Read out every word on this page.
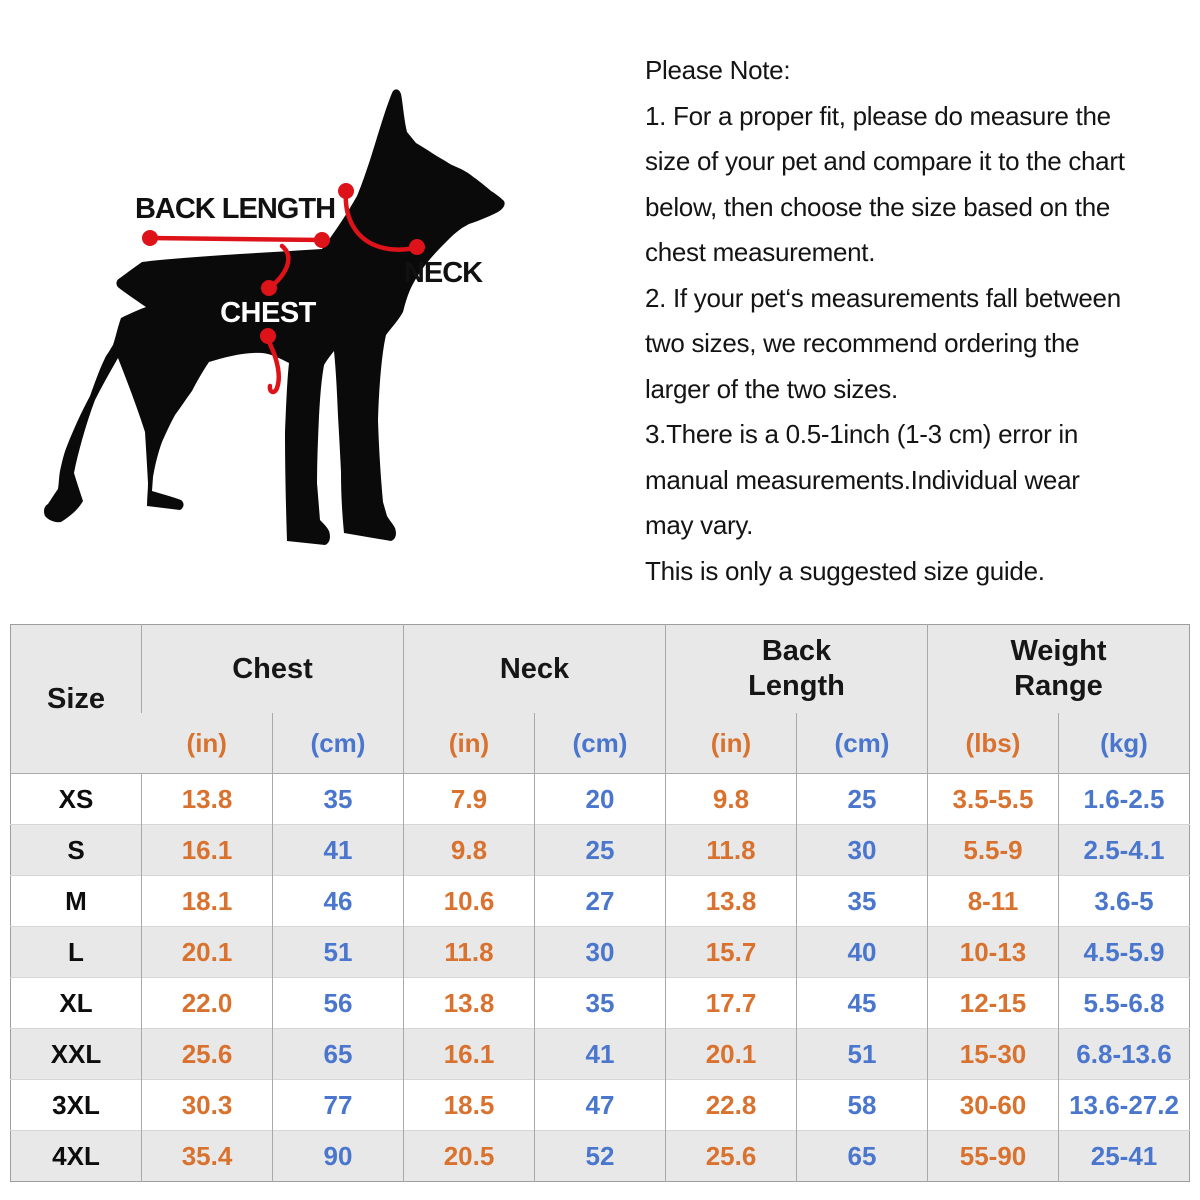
BACK LENGTH
CHEST
NECK
Please Note:
1. For a proper fit, please do measure the
size of your pet and compare it to the chart
below, then choose the size based on the
chest measurement.
2. If your pet‘s measurements fall between
two sizes, we recommend ordering the
larger of the two sizes.
3.There is a 0.5-1inch (1-3 cm) error in
manual measurements.Individual wear
may vary.
This is only a suggested size guide.
Size	Chest		Neck		Back Length		Weight Range	
	(in)	(cm)	(in)	(cm)	(in)	(cm)	(lbs)	(kg)
XS	13.8	35	7.9	20	9.8	25	3.5-5.5	1.6-2.5
S	16.1	41	9.8	25	11.8	30	5.5-9	2.5-4.1
M	18.1	46	10.6	27	13.8	35	8-11	3.6-5
L	20.1	51	11.8	30	15.7	40	10-13	4.5-5.9
XL	22.0	56	13.8	35	17.7	45	12-15	5.5-6.8
XXL	25.6	65	16.1	41	20.1	51	15-30	6.8-13.6
3XL	30.3	77	18.5	47	22.8	58	30-60	13.6-27.2
4XL	35.4	90	20.5	52	25.6	65	55-90	25-41
